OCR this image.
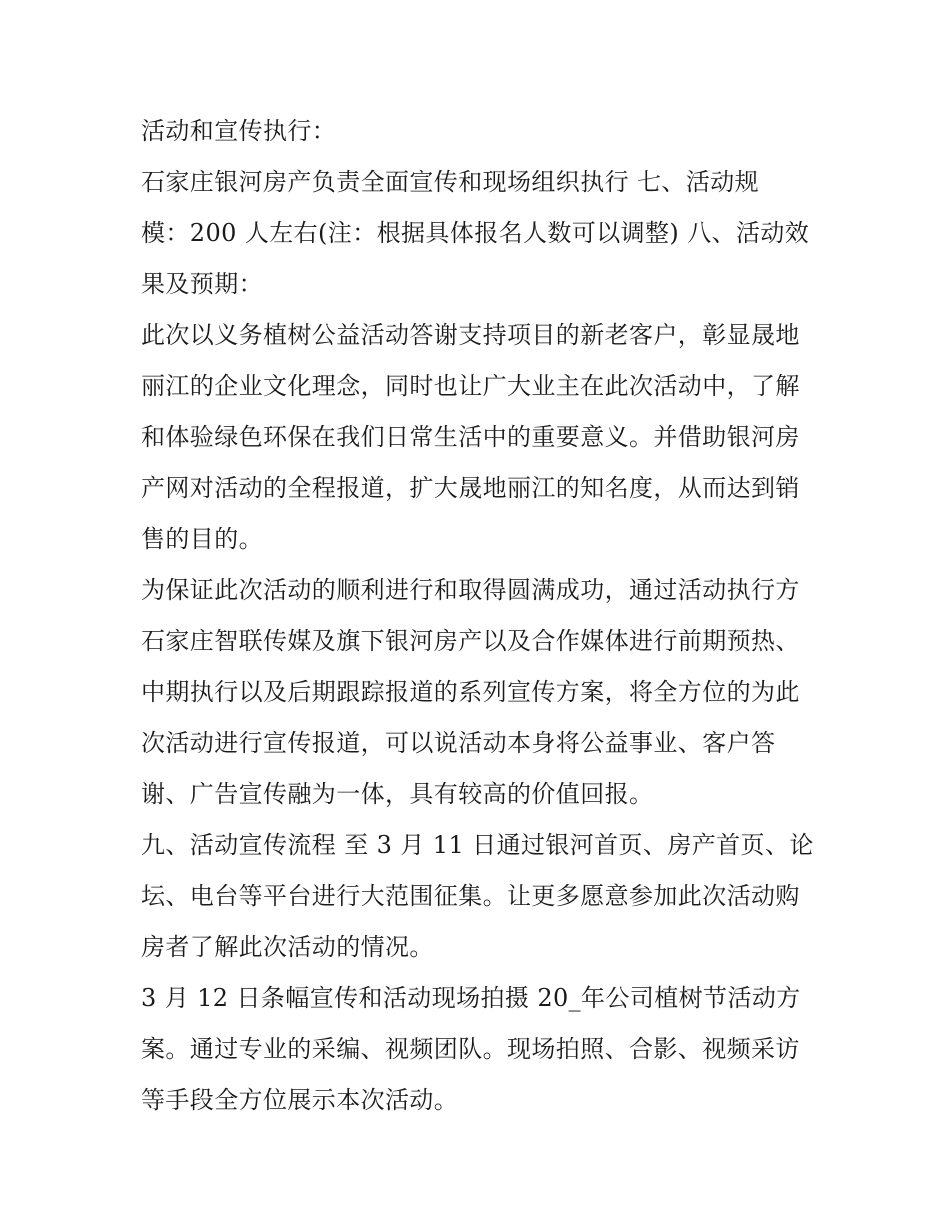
活动和宣传执行：
石家庄银河房产负责全面宣传和现场组织执行 七、活动规
模：200 人左右(注：根据具体报名人数可以调整) 八、活动效
果及预期：
此次以义务植树公益活动答谢支持项目的新老客户，彰显晟地
丽江的企业文化理念，同时也让广大业主在此次活动中，了解
和体验绿色环保在我们日常生活中的重要意义。并借助银河房
产网对活动的全程报道，扩大晟地丽江的知名度，从而达到销
售的目的。
为保证此次活动的顺利进行和取得圆满成功，通过活动执行方
石家庄智联传媒及旗下银河房产以及合作媒体进行前期预热、
中期执行以及后期跟踪报道的系列宣传方案，将全方位的为此
次活动进行宣传报道，可以说活动本身将公益事业、客户答
谢、广告宣传融为一体，具有较高的价值回报。
九、活动宣传流程 至 3 月 11 日通过银河首页、房产首页、论
坛、电台等平台进行大范围征集。让更多愿意参加此次活动购
房者了解此次活动的情况。
3 月 12 日条幅宣传和活动现场拍摄 20_年公司植树节活动方
案。通过专业的采编、视频团队。现场拍照、合影、视频采访
等手段全方位展示本次活动。
